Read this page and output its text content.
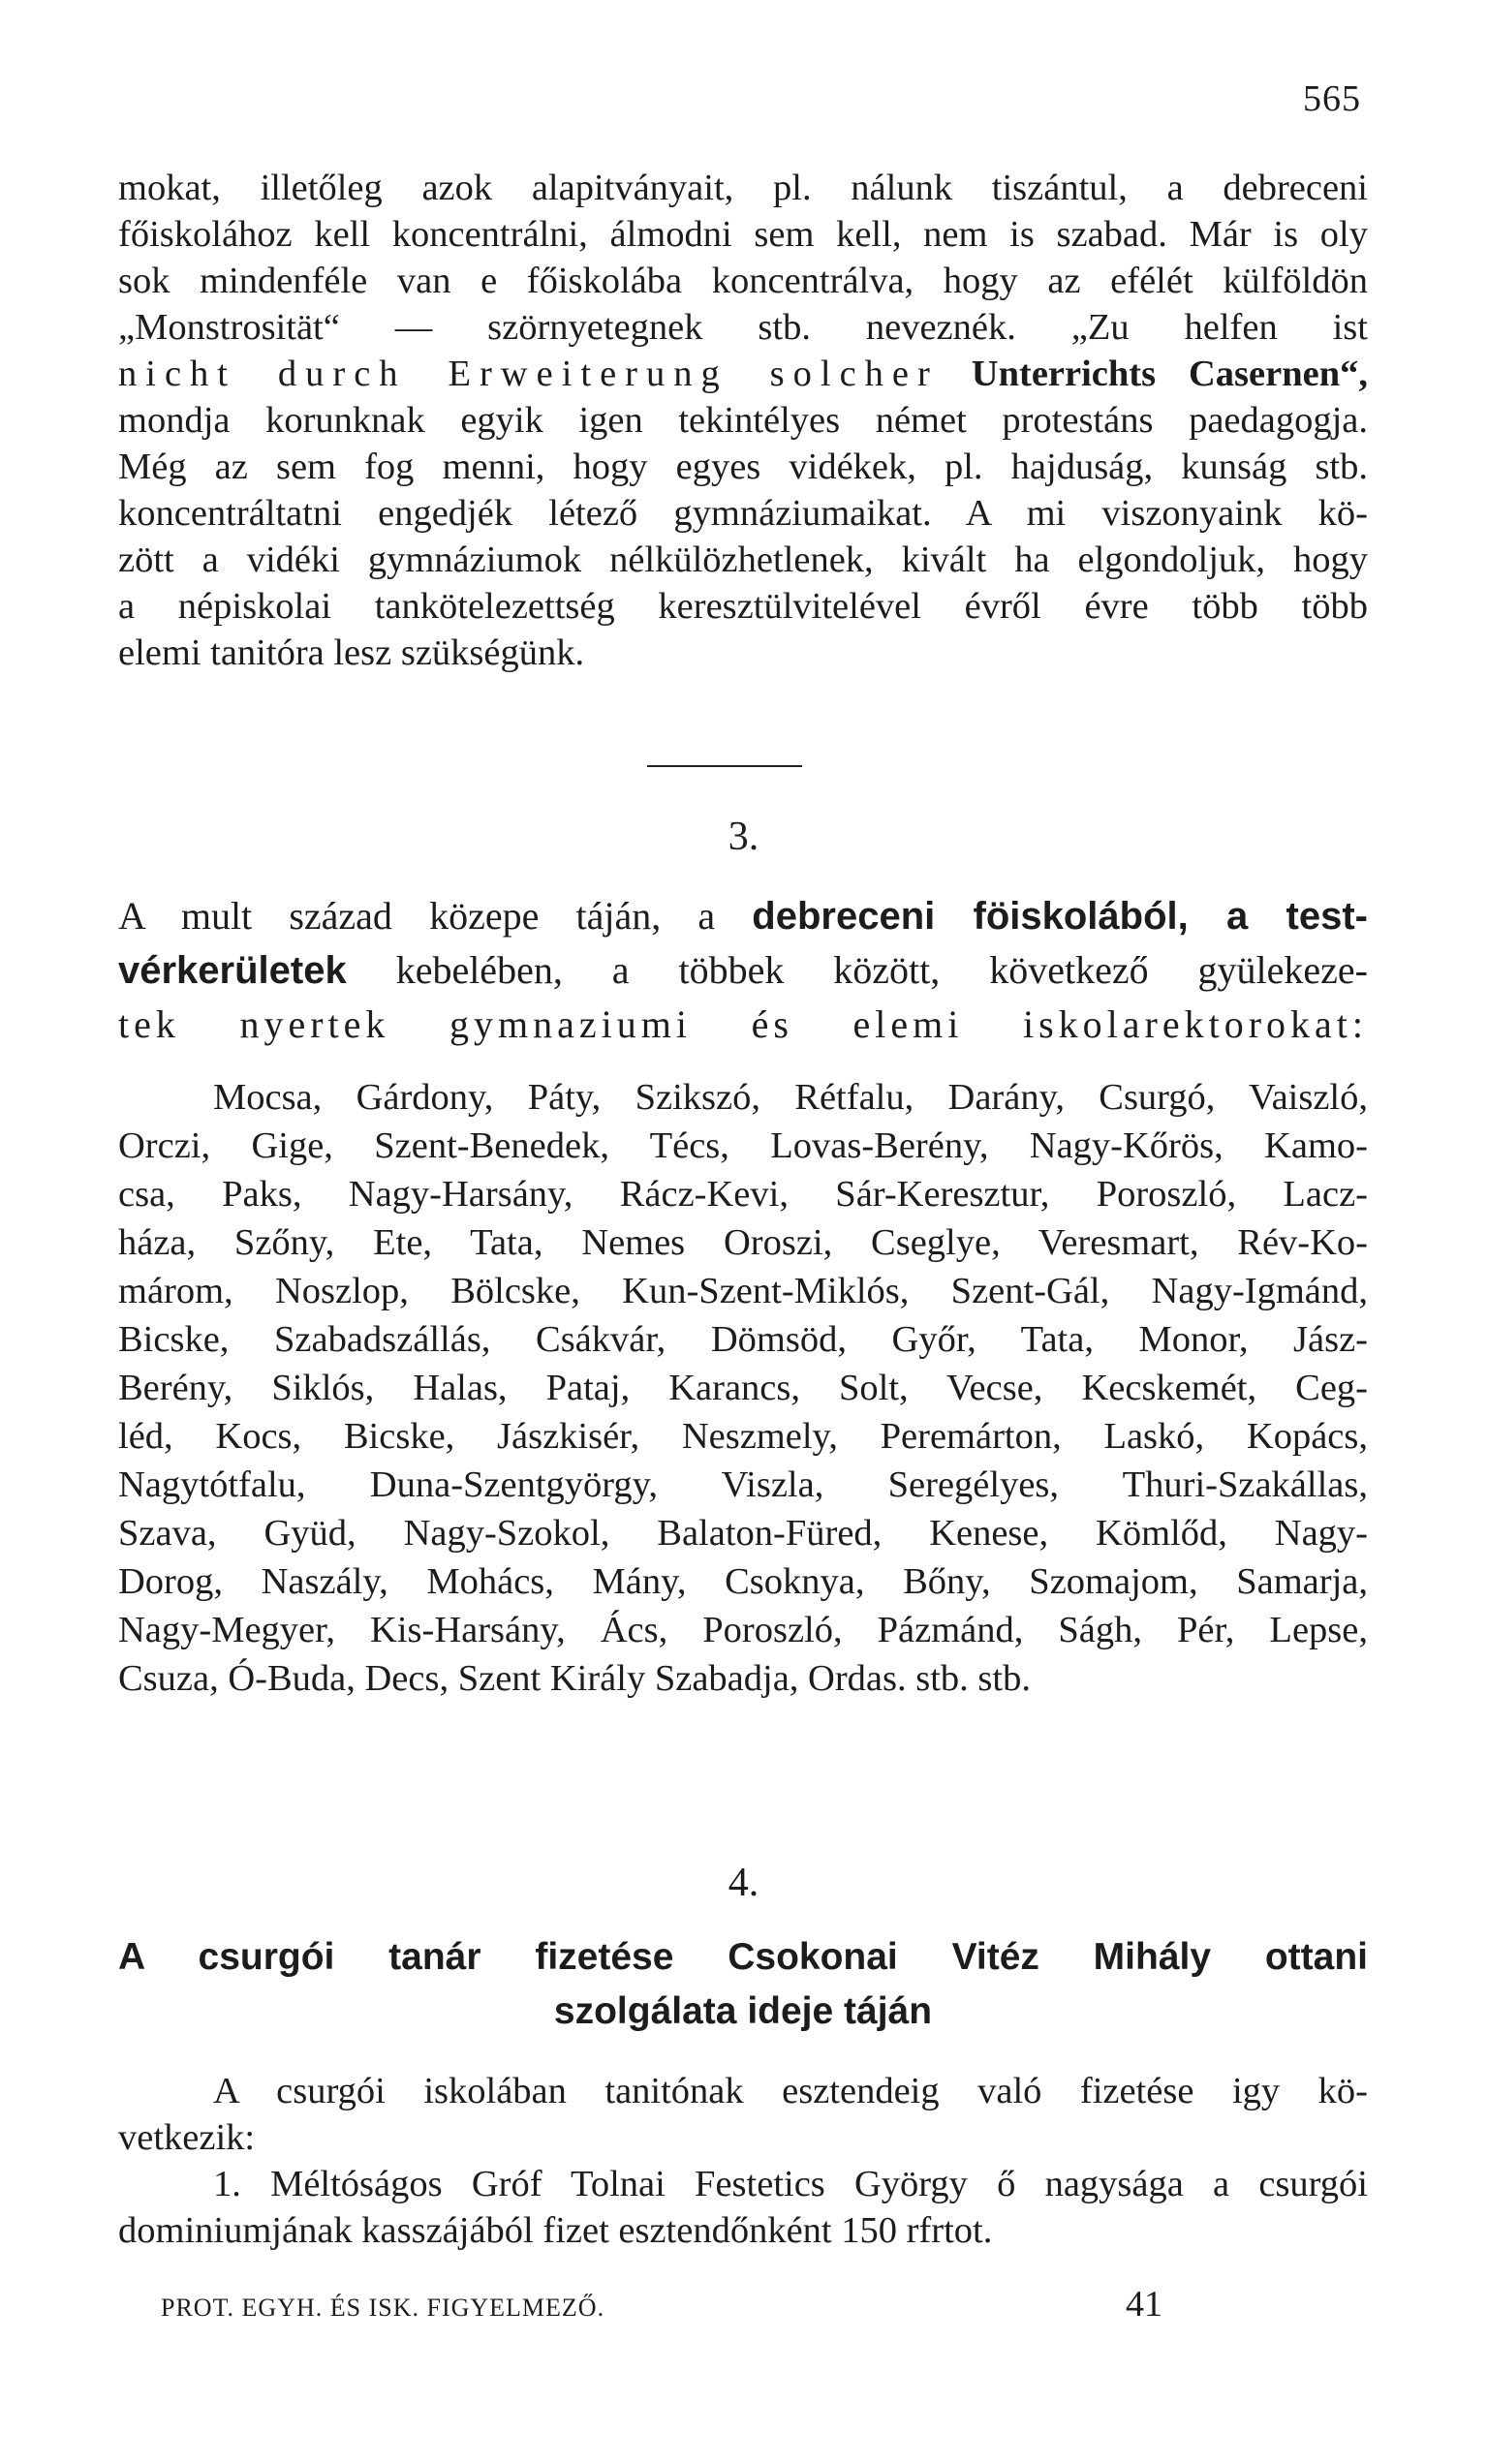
565
mokat, illetőleg azok alapitványait, pl. nálunk tiszántul, a debreceni
főiskolához kell koncentrálni, álmodni sem kell, nem is szabad. Már is oly
sok mindenféle van e főiskolába koncentrálva, hogy az efélét külföldön
„Monstrosität“ — szörnyetegnek stb. neveznék. „Zu helfen ist
nicht durch Erweiterung solcher Unterrichts Casernen“,
mondja korunknak egyik igen tekintélyes német protestáns paedagogja.
Még az sem fog menni, hogy egyes vidékek, pl. hajduság, kunság stb.
koncentráltatni engedjék létező gymnáziumaikat. A mi viszonyaink kö-
zött a vidéki gymnáziumok nélkülözhetlenek, kivált ha elgondoljuk, hogy
a népiskolai tankötelezettség keresztülvitelével évről évre több több
elemi tanitóra lesz szükségünk.
3.
A mult század közepe táján, a debreceni föiskolából, a test-
vérkerületek kebelében, a többek között, következő gyülekeze-
tek nyertek gymnaziumi és elemi iskolarektorokat:
Mocsa, Gárdony, Páty, Szikszó, Rétfalu, Darány, Csurgó, Vaiszló,
Orczi, Gige, Szent-Benedek, Técs, Lovas-Berény, Nagy-Kőrös, Kamo-
csa, Paks, Nagy-Harsány, Rácz-Kevi, Sár-Keresztur, Poroszló, Lacz-
háza, Szőny, Ete, Tata, Nemes Oroszi, Cseglye, Veresmart, Rév-Ko-
márom, Noszlop, Bölcske, Kun-Szent-Miklós, Szent-Gál, Nagy-Igmánd,
Bicske, Szabadszállás, Csákvár, Dömsöd, Győr, Tata, Monor, Jász-
Berény, Siklós, Halas, Pataj, Karancs, Solt, Vecse, Kecskemét, Ceg-
léd, Kocs, Bicske, Jászkisér, Neszmely, Peremárton, Laskó, Kopács,
Nagytótfalu, Duna-Szentgyörgy, Viszla, Seregélyes, Thuri-Szakállas,
Szava, Gyüd, Nagy-Szokol, Balaton-Füred, Kenese, Kömlőd, Nagy-
Dorog, Naszály, Mohács, Mány, Csoknya, Bőny, Szomajom, Samarja,
Nagy-Megyer, Kis-Harsány, Ács, Poroszló, Pázmánd, Ságh, Pér, Lepse,
Csuza, Ó-Buda, Decs, Szent Király Szabadja, Ordas. stb. stb.
4.
A csurgói tanár fizetése Csokonai Vitéz Mihály ottani
szolgálata ideje táján
A csurgói iskolában tanitónak esztendeig való fizetése igy kö-
vetkezik:
1. Méltóságos Gróf Tolnai Festetics György ő nagysága a csurgói
dominiumjának kasszájából fizet esztendőnként 150 rfrtot.
PROT. EGYH. ÉS ISK. FIGYELMEZŐ.	41
